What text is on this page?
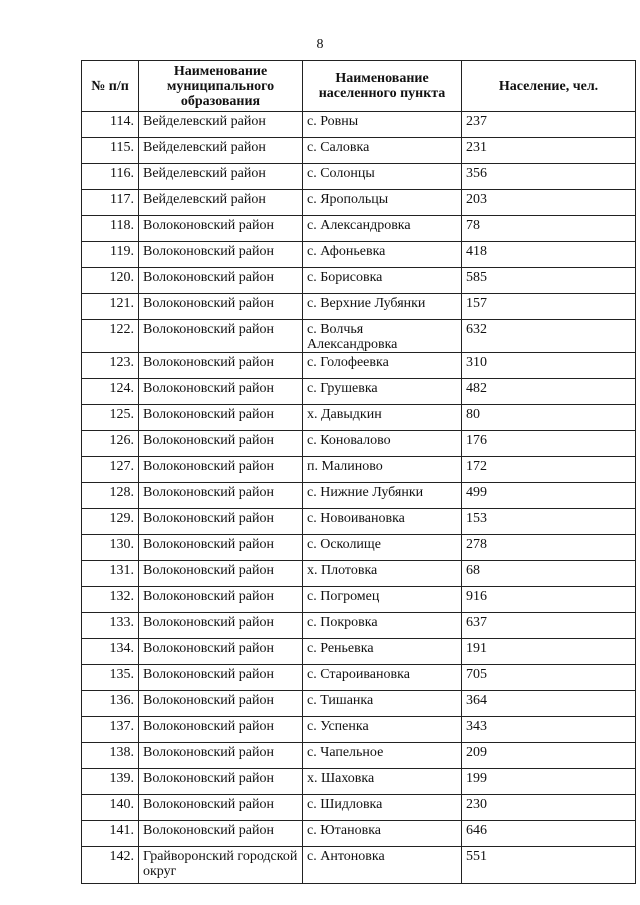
8
№ п/п	Наименование муниципального образования	Наименование населенного пункта	Население, чел.
114.	Вейделевский район	с. Ровны	237
115.	Вейделевский район	с. Саловка	231
116.	Вейделевский район	с. Солонцы	356
117.	Вейделевский район	с. Яропольцы	203
118.	Волоконовский район	с. Александровка	78
119.	Волоконовский район	с. Афоньевка	418
120.	Волоконовский район	с. Борисовка	585
121.	Волоконовский район	с. Верхние Лубянки	157
122.	Волоконовский район	с. Волчья Александровка	632
123.	Волоконовский район	с. Голофеевка	310
124.	Волоконовский район	с. Грушевка	482
125.	Волоконовский район	х. Давыдкин	80
126.	Волоконовский район	с. Коновалово	176
127.	Волоконовский район	п. Малиново	172
128.	Волоконовский район	с. Нижние Лубянки	499
129.	Волоконовский район	с. Новоивановка	153
130.	Волоконовский район	с. Осколище	278
131.	Волоконовский район	х. Плотовка	68
132.	Волоконовский район	с. Погромец	916
133.	Волоконовский район	с. Покровка	637
134.	Волоконовский район	с. Реньевка	191
135.	Волоконовский район	с. Староивановка	705
136.	Волоконовский район	с. Тишанка	364
137.	Волоконовский район	с. Успенка	343
138.	Волоконовский район	с. Чапельное	209
139.	Волоконовский район	х. Шаховка	199
140.	Волоконовский район	с. Шидловка	230
141.	Волоконовский район	с. Ютановка	646
142.	Грайворонский городской округ	с. Антоновка	551
